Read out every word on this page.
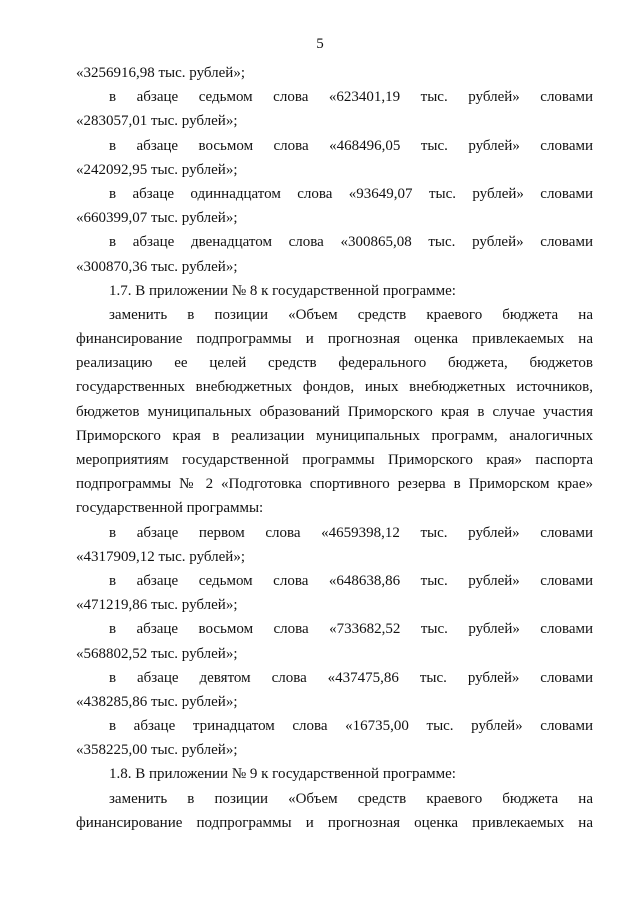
5
«3256916,98 тыс. рублей»;
в абзаце седьмом слова «623401,19 тыс. рублей» словами
«283057,01 тыс. рублей»;
в абзаце восьмом слова «468496,05 тыс. рублей» словами
«242092,95 тыс. рублей»;
в абзаце одиннадцатом слова «93649,07 тыс. рублей» словами
«660399,07 тыс. рублей»;
в абзаце двенадцатом слова «300865,08 тыс. рублей» словами
«300870,36 тыс. рублей»;
1.7. В приложении № 8 к государственной программе:
заменить в позиции «Объем средств краевого бюджета на
финансирование подпрограммы и прогнозная оценка привлекаемых на
реализацию ее целей средств федерального бюджета, бюджетов
государственных внебюджетных фондов, иных внебюджетных источников,
бюджетов муниципальных образований Приморского края в случае участия
Приморского края в реализации муниципальных программ, аналогичных
мероприятиям государственной программы Приморского края» паспорта
подпрограммы № 2 «Подготовка спортивного резерва в Приморском крае»
государственной программы:
в абзаце первом слова «4659398,12 тыс. рублей» словами
«4317909,12 тыс. рублей»;
в абзаце седьмом слова «648638,86 тыс. рублей» словами
«471219,86 тыс. рублей»;
в абзаце восьмом слова «733682,52 тыс. рублей» словами
«568802,52 тыс. рублей»;
в абзаце девятом слова «437475,86 тыс. рублей» словами
«438285,86 тыс. рублей»;
в абзаце тринадцатом слова «16735,00 тыс. рублей» словами
«358225,00 тыс. рублей»;
1.8. В приложении № 9 к государственной программе:
заменить в позиции «Объем средств краевого бюджета на
финансирование подпрограммы и прогнозная оценка привлекаемых на
